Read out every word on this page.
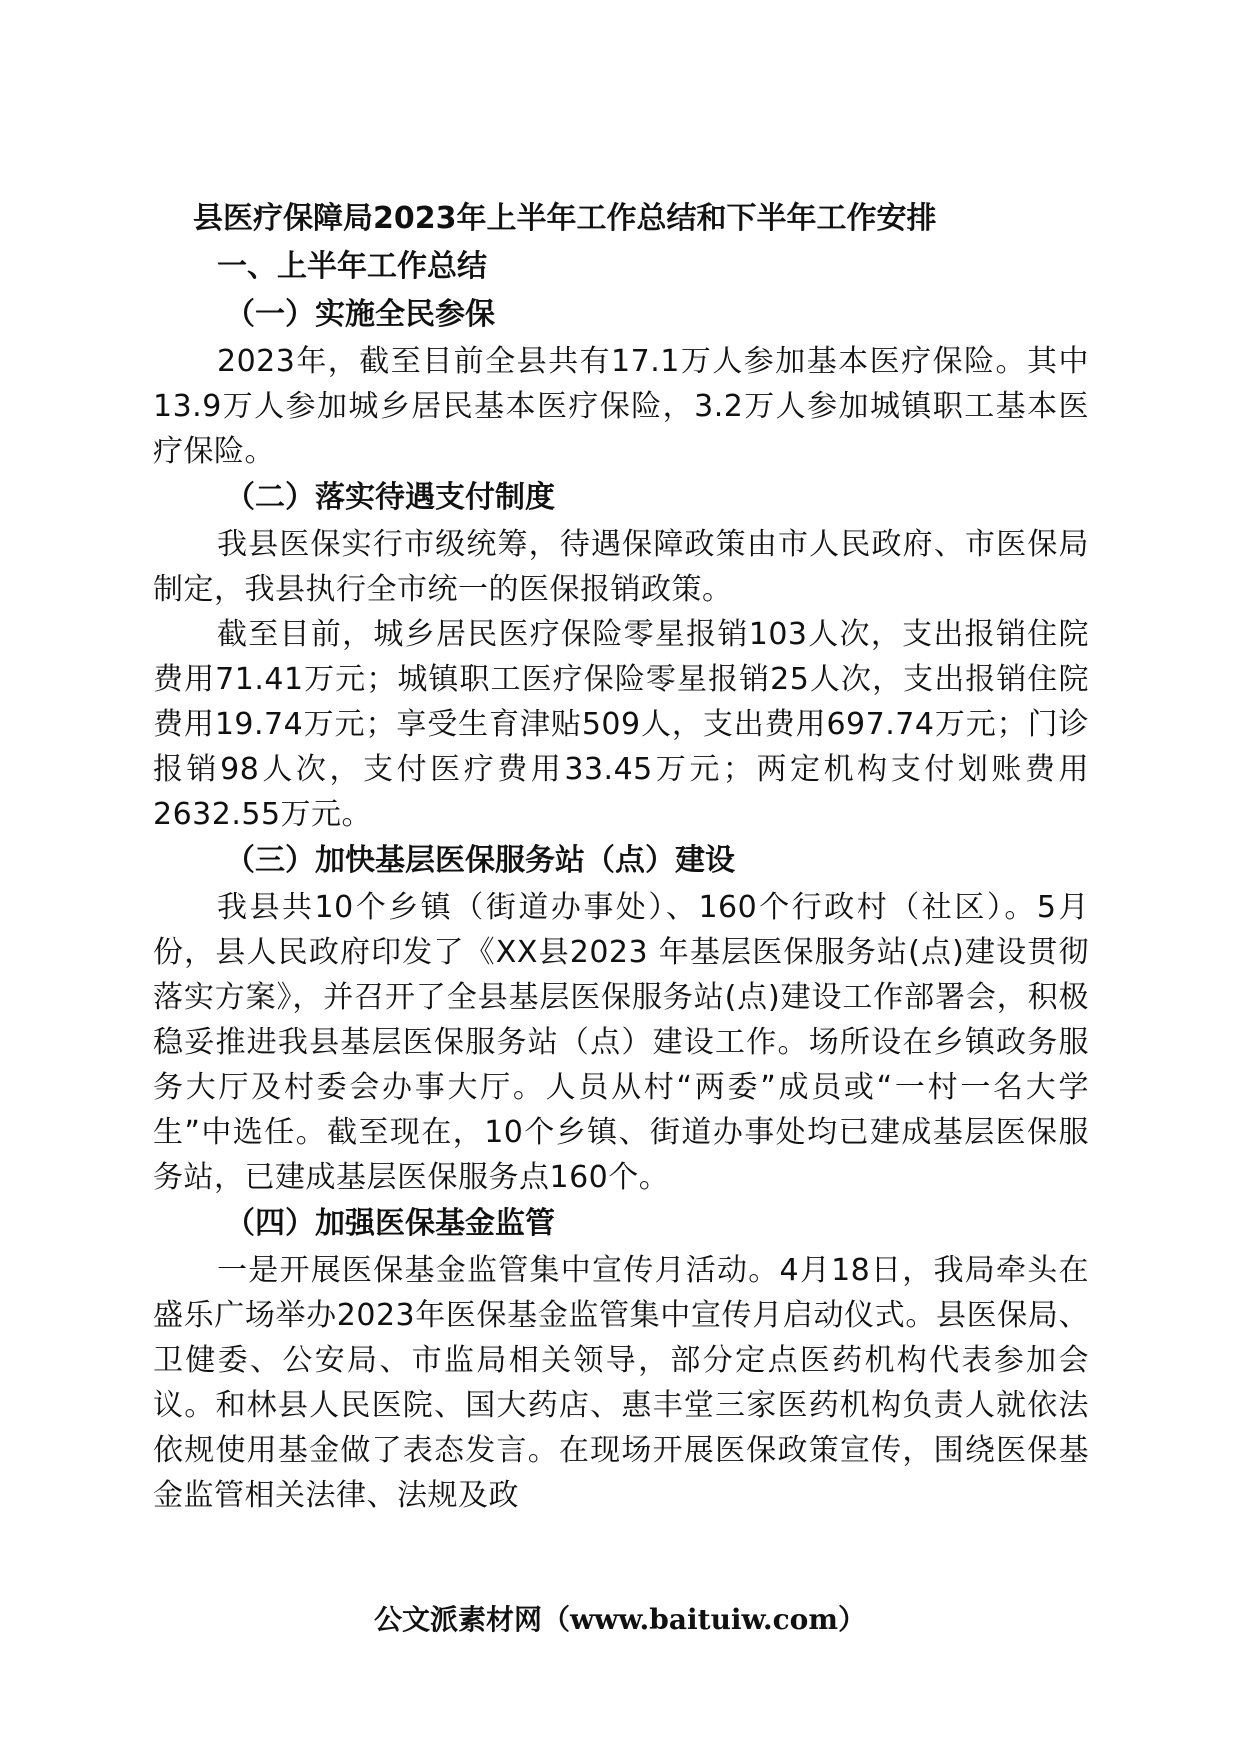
县医疗保障局2023年上半年工作总结和下半年工作安排

一、上半年工作总结

（一）实施全民参保

2023年，截至目前全县共有17.1万人参加基本医疗保险。其中13.9万人参加城乡居民基本医疗保险，3.2万人参加城镇职工基本医疗保险。

（二）落实待遇支付制度

我县医保实行市级统筹，待遇保障政策由市人民政府、市医保局制定，我县执行全市统一的医保报销政策。

截至目前，城乡居民医疗保险零星报销103人次，支出报销住院费用71.41万元；城镇职工医疗保险零星报销25人次，支出报销住院费用19.74万元；享受生育津贴509人，支出费用697.74万元；门诊报销98人次，支付医疗费用33.45万元；两定机构支付划账费用2632.55万元。

（三）加快基层医保服务站（点）建设

我县共10个乡镇（街道办事处）、160个行政村（社区）。5月份，县人民政府印发了《XX县2023 年基层医保服务站(点)建设贯彻落实方案》，并召开了全县基层医保服务站(点)建设工作部署会，积极稳妥推进我县基层医保服务站（点）建设工作。场所设在乡镇政务服务大厅及村委会办事大厅。人员从村“两委”成员或“一村一名大学生”中选任。截至现在，10个乡镇、街道办事处均已建成基层医保服务站，已建成基层医保服务点160个。

（四）加强医保基金监管

一是开展医保基金监管集中宣传月活动。4月18日，我局牵头在盛乐广场举办2023年医保基金监管集中宣传月启动仪式。县医保局、卫健委、公安局、市监局相关领导，部分定点医药机构代表参加会议。和林县人民医院、国大药店、惠丰堂三家医药机构负责人就依法依规使用基金做了表态发言。在现场开展医保政策宣传，围绕医保基金监管相关法律、法规及政

公文派素材网（www.baituiw.com）
